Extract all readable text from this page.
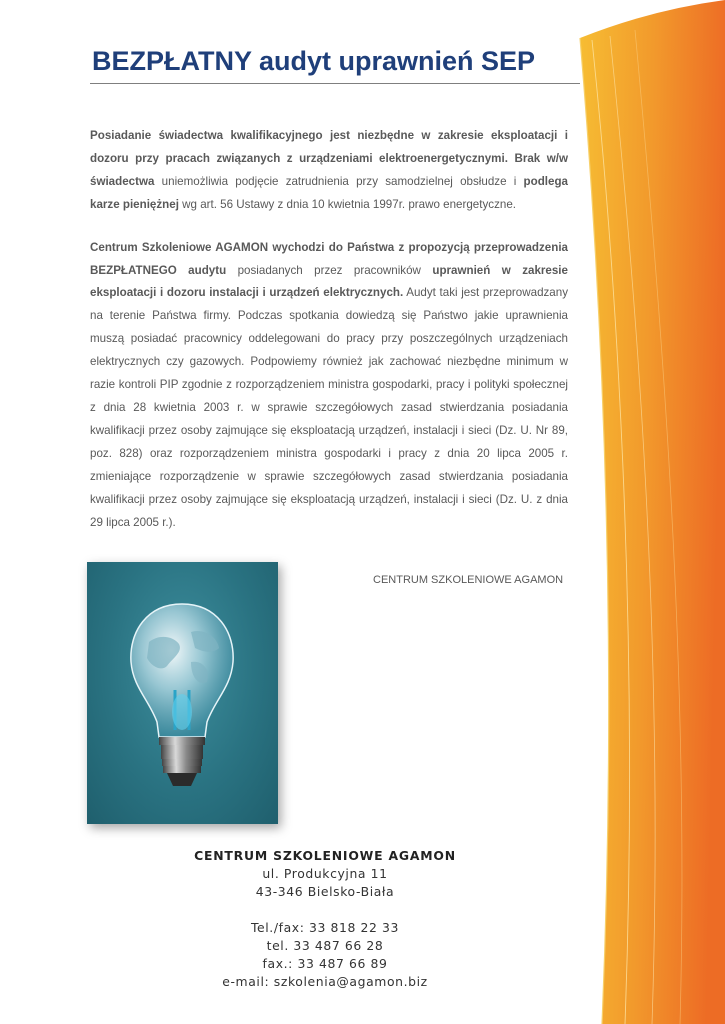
BEZPŁATNY audyt uprawnień SEP

Posiadanie świadectwa kwalifikacyjnego jest niezbędne w zakresie eksploatacji i dozoru przy pracach związanych z urządzeniami elektroenergetycznymi. Brak w/w świadectwa uniemożliwia podjęcie zatrudnienia przy samodzielnej obsłudze i podlega karze pieniężnej wg art. 56 Ustawy z dnia 10 kwietnia 1997r. prawo energetyczne.

Centrum Szkoleniowe AGAMON wychodzi do Państwa z propozycją przeprowadzenia BEZPŁATNEGO audytu posiadanych przez pracowników uprawnień w zakresie eksploatacji i dozoru instalacji i urządzeń elektrycznych. Audyt taki jest przeprowadzany na terenie Państwa firmy. Podczas spotkania dowiedzą się Państwo jakie uprawnienia muszą posiadać pracownicy oddelegowani do pracy przy poszczególnych urządzeniach elektrycznych czy gazowych. Podpowiemy również jak zachować niezbędne minimum w razie kontroli PIP zgodnie z rozporządzeniem ministra gospodarki, pracy i polityki społecznej z dnia 28 kwietnia 2003 r. w sprawie szczegółowych zasad stwierdzania posiadania kwalifikacji przez osoby zajmujące się eksploatacją urządzeń, instalacji i sieci (Dz. U. Nr 89, poz. 828) oraz rozporządzeniem ministra gospodarki i pracy z dnia 20 lipca 2005 r. zmieniające rozporządzenie w sprawie szczegółowych zasad stwierdzania posiadania kwalifikacji przez osoby zajmujące się eksploatacją urządzeń, instalacji i sieci (Dz. U. z dnia 29 lipca 2005 r.).

CENTRUM SZKOLENIOWE AGAMON
CENTRUM SZKOLENIOWE AGAMON
ul. Produkcyjna 11
43-346 Bielsko-Biała
Tel./fax: 33 818 22 33
tel. 33 487 66 28
fax.: 33 487 66 89
e-mail: szkolenia@agamon.biz
